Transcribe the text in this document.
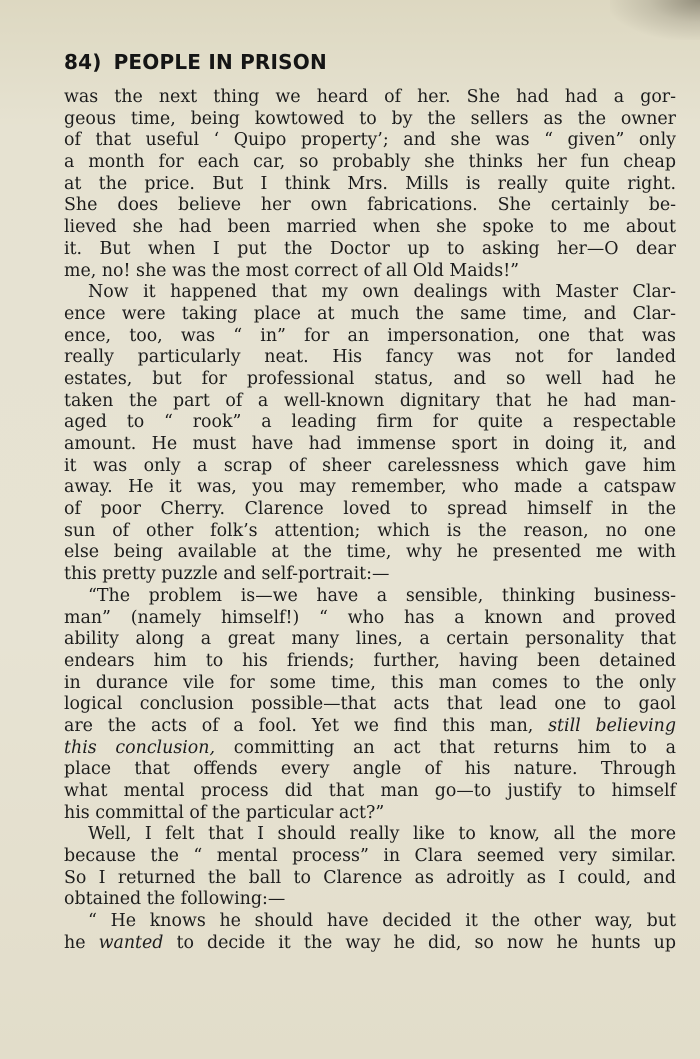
84) PEOPLE IN PRISON
was the next thing we heard of her. She had had a gor-
geous time, being kowtowed to by the sellers as the owner
of that useful ‘ Quipo property’; and she was “ given” only
a month for each car, so probably she thinks her fun cheap
at the price. But I think Mrs. Mills is really quite right.
She does believe her own fabrications. She certainly be-
lieved she had been married when she spoke to me about
it. But when I put the Doctor up to asking her—O dear
me, no! she was the most correct of all Old Maids!”
Now it happened that my own dealings with Master Clar-
ence were taking place at much the same time, and Clar-
ence, too, was “ in” for an impersonation, one that was
really particularly neat. His fancy was not for landed
estates, but for professional status, and so well had he
taken the part of a well-known dignitary that he had man-
aged to “ rook” a leading firm for quite a respectable
amount. He must have had immense sport in doing it, and
it was only a scrap of sheer carelessness which gave him
away. He it was, you may remember, who made a catspaw
of poor Cherry. Clarence loved to spread himself in the
sun of other folk’s attention; which is the reason, no one
else being available at the time, why he presented me with
this pretty puzzle and self-portrait:—
“The problem is—we have a sensible, thinking business-
man” (namely himself!) “ who has a known and proved
ability along a great many lines, a certain personality that
endears him to his friends; further, having been detained
in durance vile for some time, this man comes to the only
logical conclusion possible—that acts that lead one to gaol
are the acts of a fool. Yet we find this man, still believing
this conclusion, committing an act that returns him to a
place that offends every angle of his nature. Through
what mental process did that man go—to justify to himself
his committal of the particular act?”
Well, I felt that I should really like to know, all the more
because the “ mental process” in Clara seemed very similar.
So I returned the ball to Clarence as adroitly as I could, and
obtained the following:—
“ He knows he should have decided it the other way, but
he wanted to decide it the way he did, so now he hunts up
